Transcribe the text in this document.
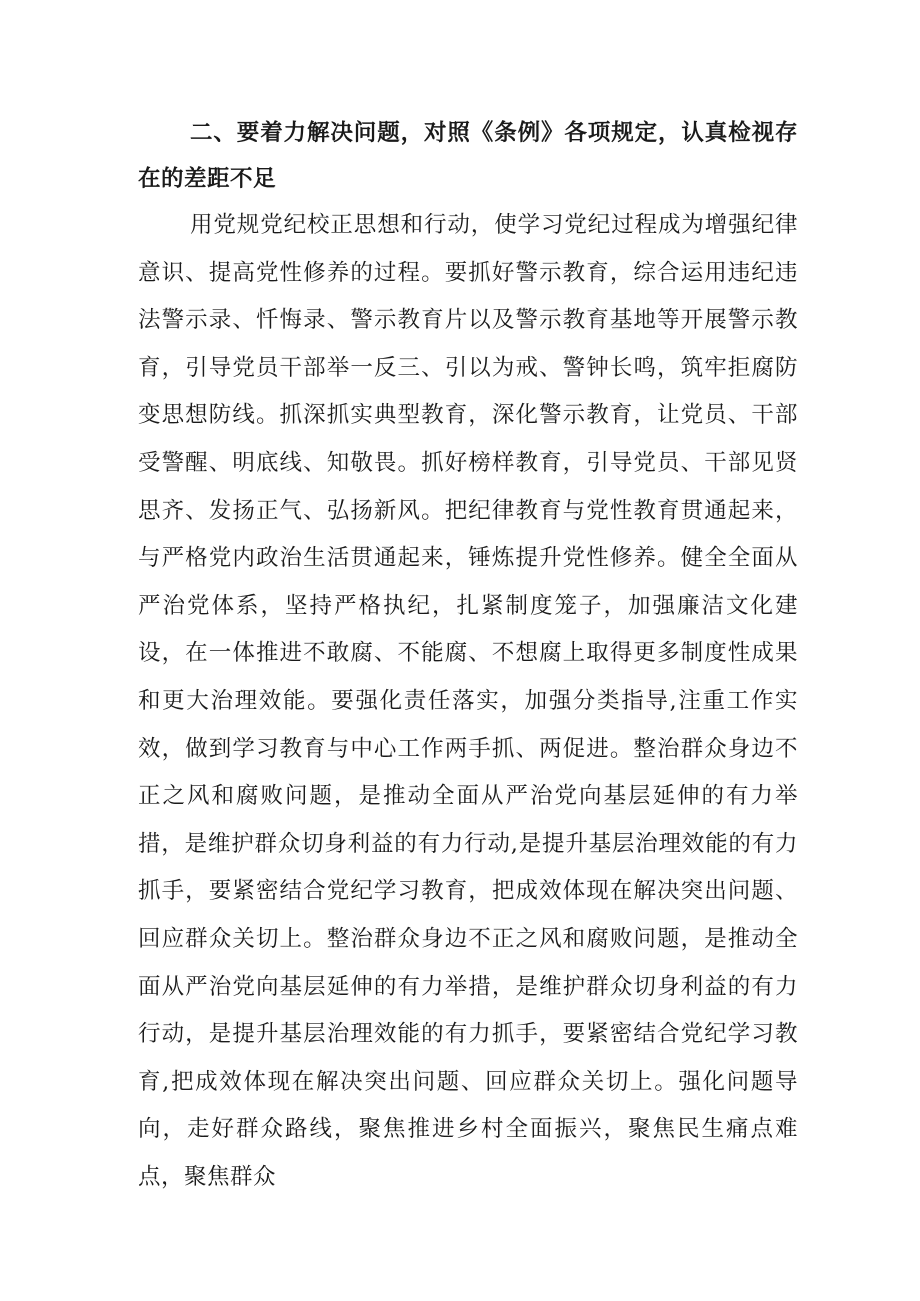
二、要着力解决问题，对照《条例》各项规定，认真检视存在的差距不足

用党规党纪校正思想和行动，使学习党纪过程成为增强纪律意识、提高党性修养的过程。要抓好警示教育，综合运用违纪违法警示录、忏悔录、警示教育片以及警示教育基地等开展警示教育，引导党员干部举一反三、引以为戒、警钟长鸣，筑牢拒腐防变思想防线。抓深抓实典型教育，深化警示教育，让党员、干部受警醒、明底线、知敬畏。抓好榜样教育，引导党员、干部见贤思齐、发扬正气、弘扬新风。把纪律教育与党性教育贯通起来，与严格党内政治生活贯通起来，锤炼提升党性修养。健全全面从严治党体系，坚持严格执纪，扎紧制度笼子，加强廉洁文化建设，在一体推进不敢腐、不能腐、不想腐上取得更多制度性成果和更大治理效能。要强化责任落实，加强分类指导,注重工作实效，做到学习教育与中心工作两手抓、两促进。整治群众身边不正之风和腐败问题，是推动全面从严治党向基层延伸的有力举措，是维护群众切身利益的有力行动,是提升基层治理效能的有力抓手，要紧密结合党纪学习教育，把成效体现在解决突出问题、回应群众关切上。整治群众身边不正之风和腐败问题，是推动全面从严治党向基层延伸的有力举措，是维护群众切身利益的有力行动，是提升基层治理效能的有力抓手，要紧密结合党纪学习教育,把成效体现在解决突出问题、回应群众关切上。强化问题导向，走好群众路线，聚焦推进乡村全面振兴，聚焦民生痛点难点，聚焦群众
